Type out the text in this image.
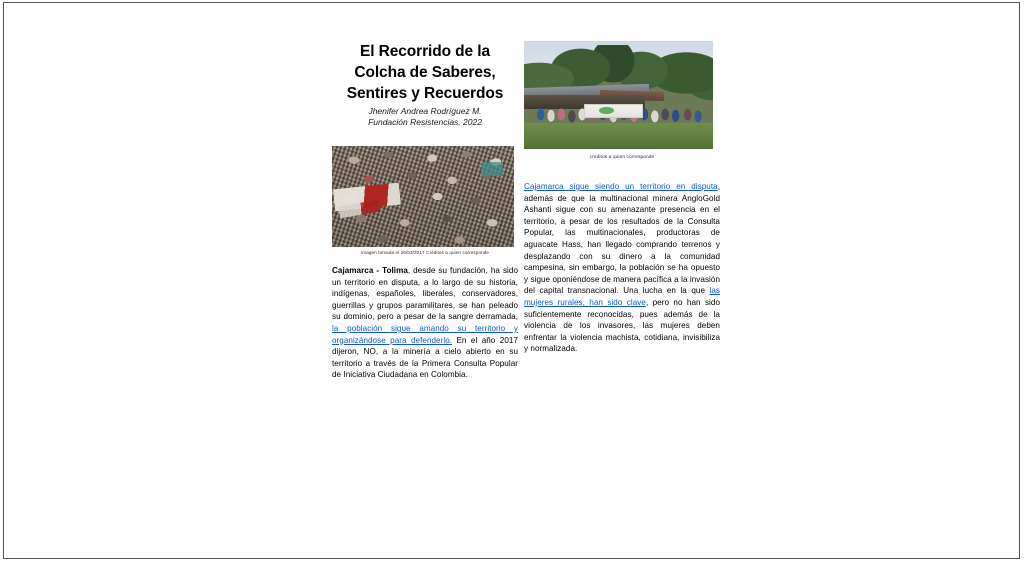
El Recorrido de la
Colcha de Saberes,
Sentires y Recuerdos

Jhenifer Andrea Rodríguez M.
Fundación Resistencias, 2022

Imagen tomada el 26/03/2017 Créditos a quien corresponde

Cajamarca - Tolima, desde su fundación, ha sido un territorio en disputa, a lo largo de su historia, indígenas, españoles, liberales, conservadores, guerrillas y grupos paramilitares, se han peleado su dominio, pero a pesar de la sangre derramada, la población sigue amando su territorio y organizándose para defenderlo. En el año 2017 dijeron, NO, a la minería a cielo abierto en su territorio a través de la Primera Consulta Popular de Iniciativa Ciudadana en Colombia.

creditos a quien corresponde

Cajamarca sigue siendo un territorio en disputa, además de que la multinacional minera AngloGold Ashanti sigue con su amenazante presencia en el territorio, a pesar de los resultados de la Consulta Popular, las multinacionales, productoras de aguacate Hass, han llegado comprando terrenos y desplazando con su dinero a la comunidad campesina, sin embargo, la población se ha opuesto y sigue oponiéndose de manera pacífica a la invasión del capital transnacional. Una lucha en la que las mujeres rurales, han sido clave, pero no han sido suficientemente reconocidas, pues además de la violencia de los invasores, las mujeres deben enfrentar la violencia machista, cotidiana, invisibiliza y normalizada.
